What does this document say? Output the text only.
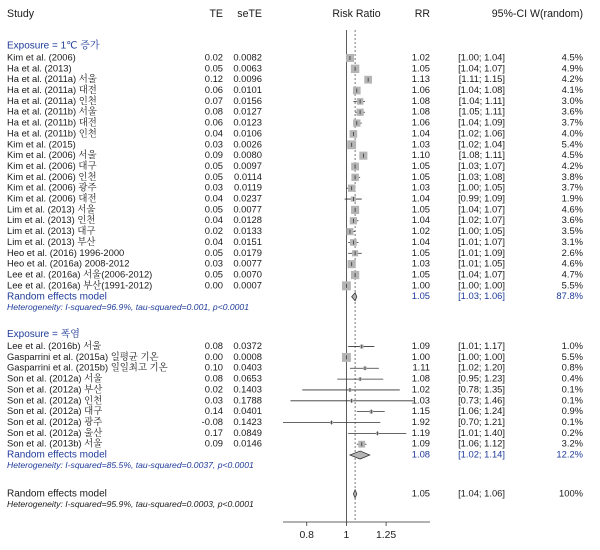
Study	TE seTE	Risk Ratio	RR	95%-CI W(random)
Exposure = 1℃ 증가
Kim et al. (2006)	0.02 0.0082	1.02	[1.00; 1.04]	4.5%
Ha et al. (2013)	0.05 0.0063	1.05	[1.04; 1.07]	4.9%
Ha et al. (2011a) 서울	0.12 0.0096	1.13	[1.11; 1.15]	4.2%
Ha et al. (2011a) 대전	0.06 0.0101	1.06	[1.04; 1.08]	4.1%
Ha et al. (2011a) 인천	0.07 0.0156	1.08	[1.04; 1.11]	3.0%
Ha et al. (2011b) 서울	0.08 0.0127	1.08	[1.05; 1.11]	3.6%
Ha et al. (2011b) 대전	0.06 0.0123	1.06	[1.04; 1.09]	3.7%
Ha et al. (2011b) 인천	0.04 0.0106	1.04	[1.02; 1.06]	4.0%
Kim et al. (2015)	0.03 0.0026	1.03	[1.02; 1.04]	5.4%
Kim et al. (2006) 서울	0.09 0.0080	1.10	[1.08; 1.11]	4.5%
Kim et al. (2006) 대구	0.05 0.0097	1.05	[1.03; 1.07]	4.2%
Kim et al. (2006) 인천	0.05 0.0114	1.05	[1.03; 1.08]	3.8%
Kim et al. (2006) 광주	0.03 0.0119	1.03	[1.00; 1.05]	3.7%
Kim et al. (2006) 대전	0.04 0.0237	1.04	[0.99; 1.09]	1.9%
Lim et al. (2013) 서울	0.05 0.0077	1.05	[1.04; 1.07]	4.6%
Lim et al. (2013) 인천	0.04 0.0128	1.04	[1.02; 1.07]	3.6%
Lim et al. (2013) 대구	0.02 0.0133	1.02	[1.00; 1.05]	3.5%
Lim et al. (2013) 부산	0.04 0.0151	1.04	[1.01; 1.07]	3.1%
Heo et al. (2016) 1996-2000	0.05 0.0179	1.05	[1.01; 1.09]	2.6%
Heo et al. (2016a) 2008-2012	0.03 0.0077	1.03	[1.01; 1.05]	4.6%
Lee et al. (2016a) 서울(2006-2012)	0.05 0.0070	1.05	[1.04; 1.07]	4.7%
Lee et al. (2016a) 부산(1991-2012)	0.00 0.0007	1.00	[1.00; 1.00]	5.5%
Random effects model	1.05	[1.03; 1.06]	87.8%
Heterogeneity: I-squared=96.9%, tau-squared=0.001, p<0.0001
Exposure = 폭염
Lee et al. (2016b) 서울	0.08 0.0372	1.09	[1.01; 1.17]	1.0%
Gasparrini et al. (2015a) 일평균 기온	0.00 0.0008	1.00	[1.00; 1.00]	5.5%
Gasparrini et al. (2015b) 일일최고 기온	0.10 0.0403	1.11	[1.02; 1.20]	0.8%
Son et al. (2012a) 서울	0.08 0.0653	1.08	[0.95; 1.23]	0.4%
Son et al. (2012a) 부산	0.02 0.1403	1.02	[0.78; 1.35]	0.1%
Son et al. (2012a) 인천	0.03 0.1788	1.03	[0.73; 1.46]	0.1%
Son et al. (2012a) 대구	0.14 0.0401	1.15	[1.06; 1.24]	0.9%
Son et al. (2012a) 광주	-0.08 0.1423	1.92	[0.70; 1.21]	0.1%
Son et al. (2012a) 울산	0.17 0.0849	1.19	[1.01; 1.40]	0.2%
Son et al. (2013b) 서울	0.09 0.0146	1.09	[1.06; 1.12]	3.2%
Random effects model	1.08	[1.02; 1.14]	12.2%
Heterogeneity: I-squared=85.5%, tau-squared=0.0037, p<0.0001
Random effects model	1.05	[1.04; 1.06]	100%
Heterogeneity: I-squared=95.9%, tau-squared=0.0003, p<0.0001
0.8	1	1.25
